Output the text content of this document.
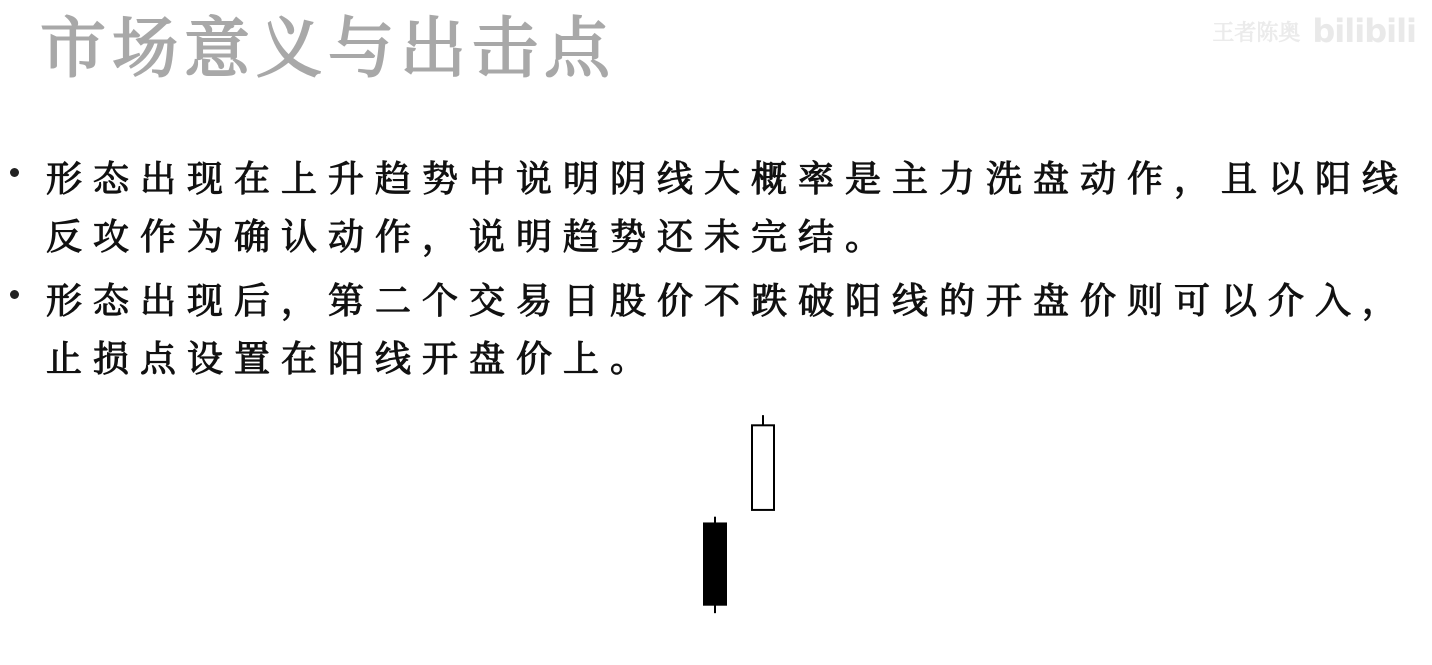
市场意义与出击点	王者陈奥 bilibili
形态出现在上升趋势中说明阴线大概率是主力洗盘动作，且以阳线反攻作为确认动作，说明趋势还未完结。
形态出现后，第二个交易日股价不跌破阳线的开盘价则可以介入，止损点设置在阳线开盘价上。
